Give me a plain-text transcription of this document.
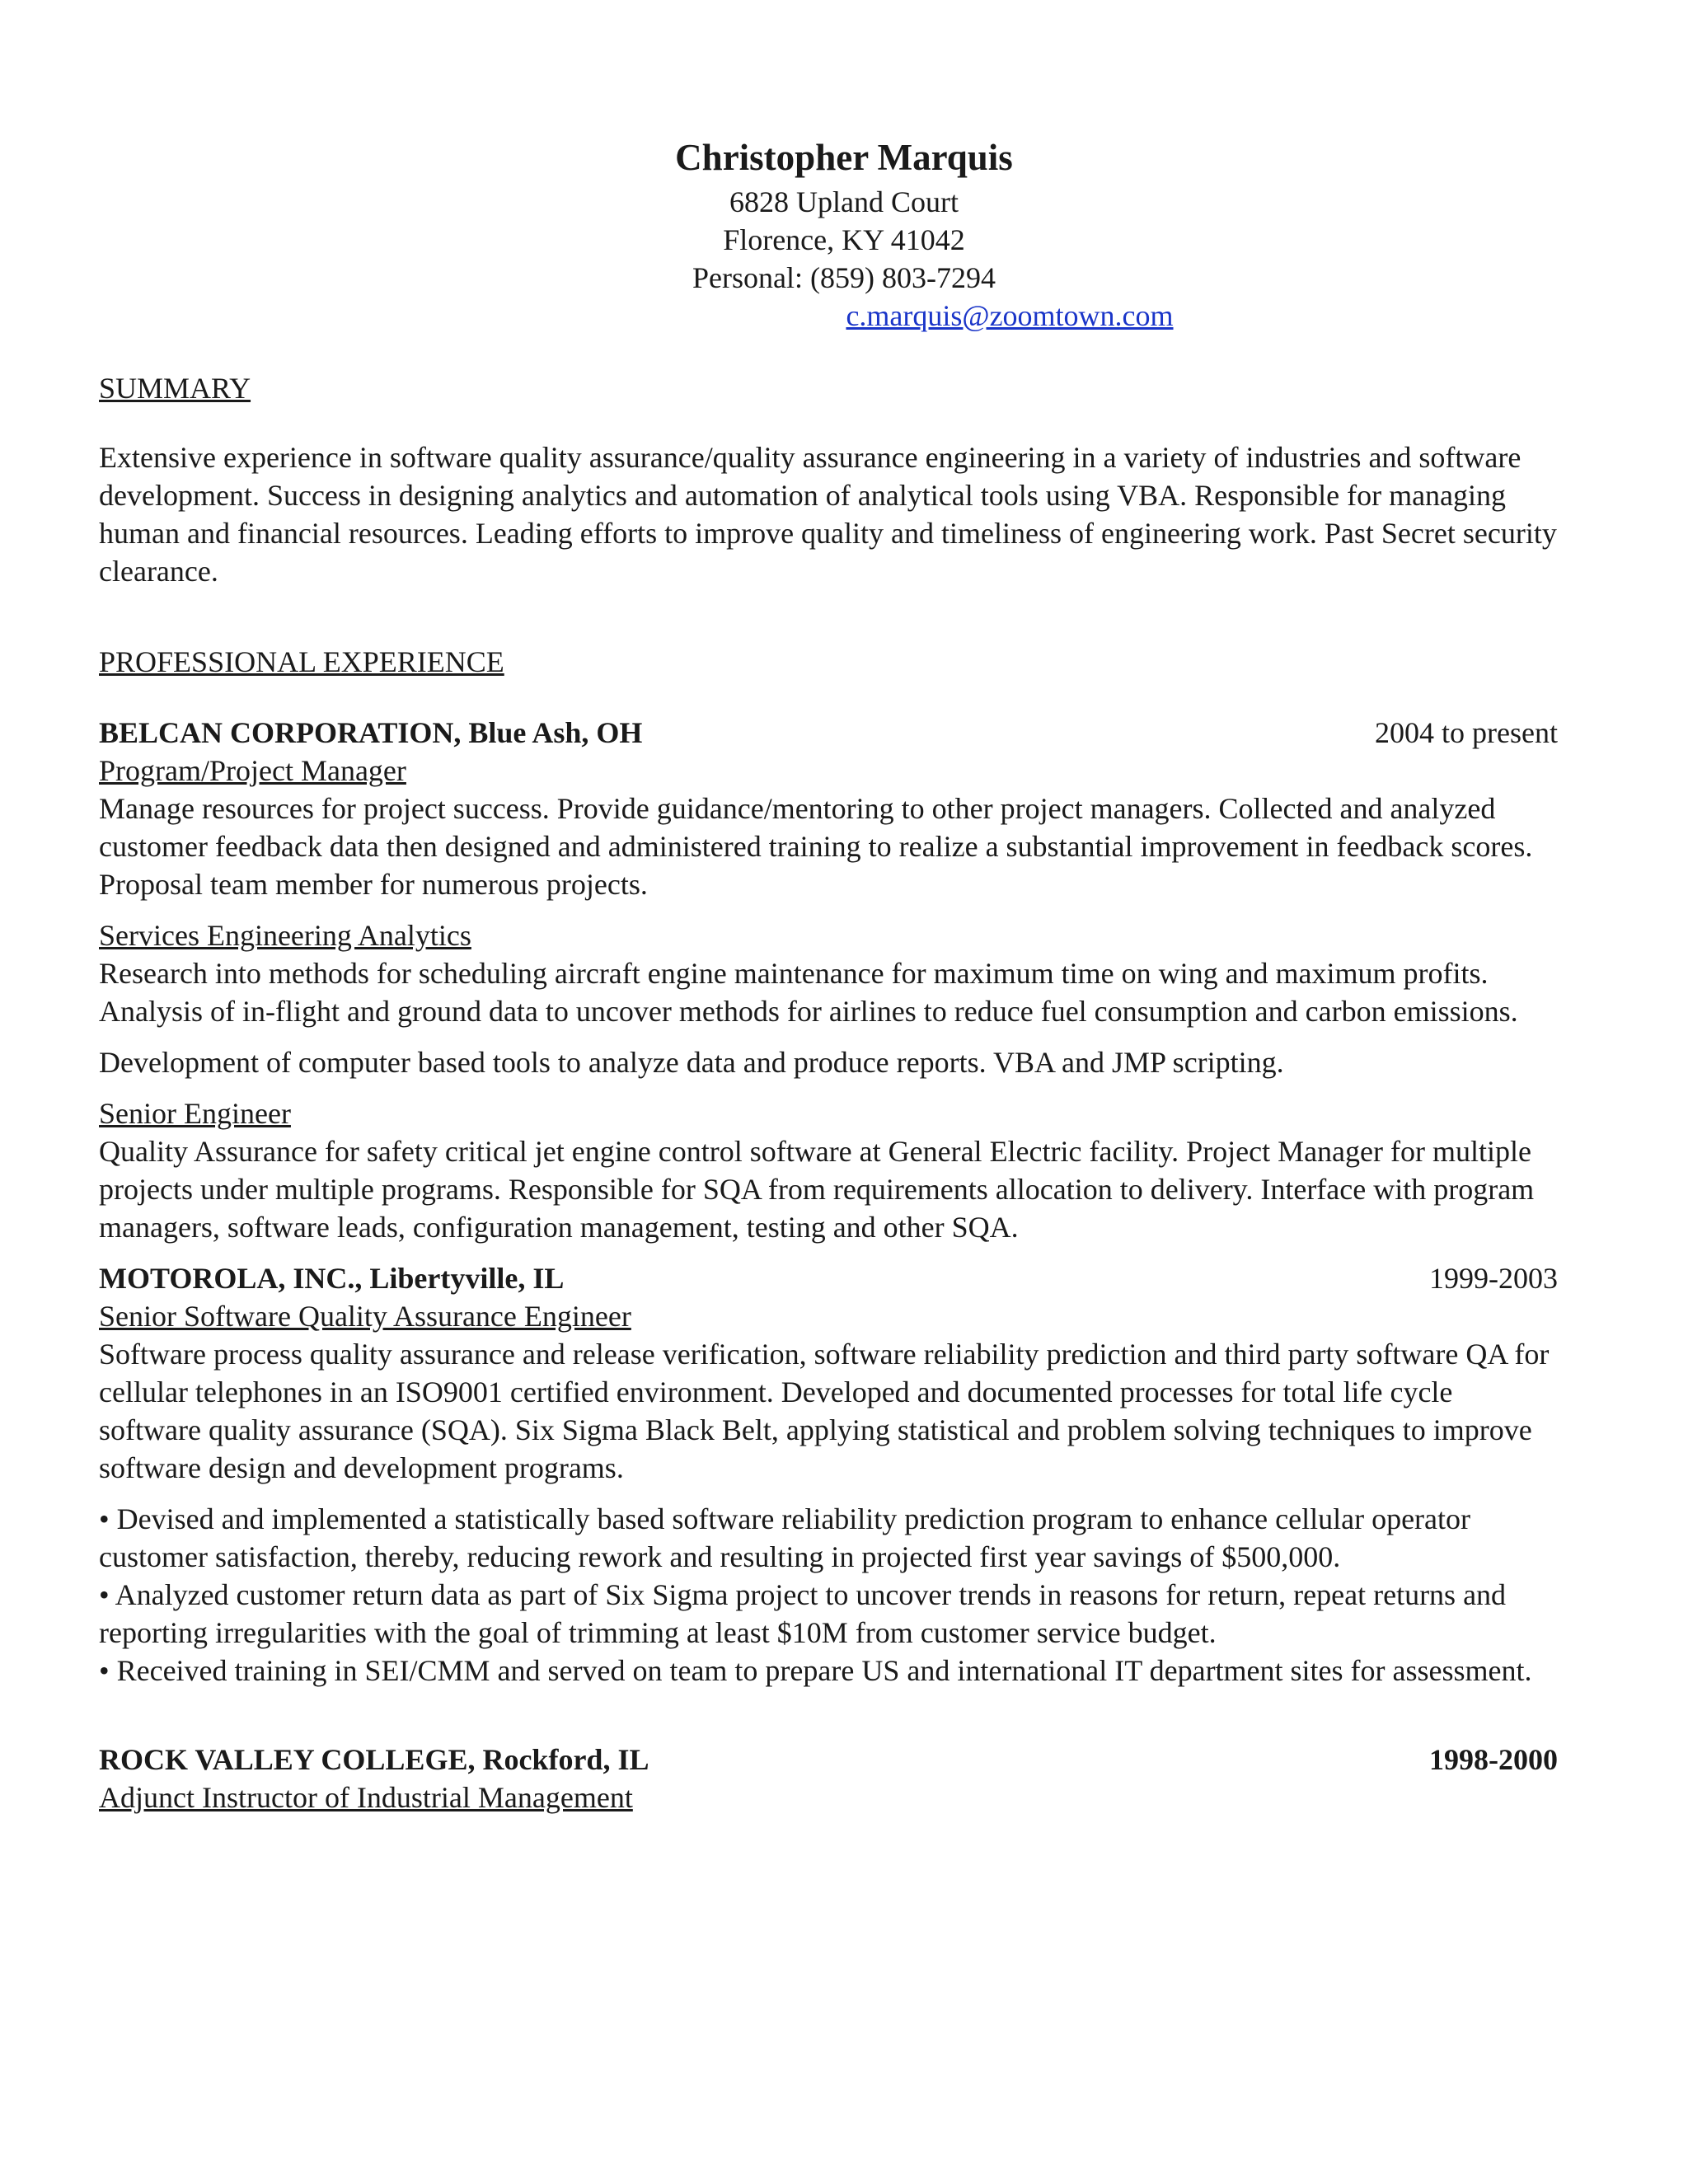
Christopher Marquis

6828 Upland Court

Florence, KY 41042

Personal: (859) 803-7294

c.marquis@zoomtown.com

SUMMARY

Extensive experience in software quality assurance/quality assurance engineering in a variety of industries and software development. Success in designing analytics and automation of analytical tools using VBA. Responsible for managing human and financial resources. Leading efforts to improve quality and timeliness of engineering work. Past Secret security clearance.

PROFESSIONAL EXPERIENCE

BELCAN CORPORATION, Blue Ash, OH	2004 to present

Program/Project Manager

Manage resources for project success. Provide guidance/mentoring to other project managers. Collected and analyzed customer feedback data then designed and administered training to realize a substantial improvement in feedback scores. Proposal team member for numerous projects.

Services Engineering Analytics

Research into methods for scheduling aircraft engine maintenance for maximum time on wing and maximum profits. Analysis of in-flight and ground data to uncover methods for airlines to reduce fuel consumption and carbon emissions.

Development of computer based tools to analyze data and produce reports. VBA and JMP scripting.

Senior Engineer

Quality Assurance for safety critical jet engine control software at General Electric facility. Project Manager for multiple projects under multiple programs. Responsible for SQA from requirements allocation to delivery. Interface with program managers, software leads, configuration management, testing and other SQA.

MOTOROLA, INC., Libertyville, IL	1999-2003

Senior Software Quality Assurance Engineer

Software process quality assurance and release verification, software reliability prediction and third party software QA for cellular telephones in an ISO9001 certified environment. Developed and documented processes for total life cycle software quality assurance (SQA). Six Sigma Black Belt, applying statistical and problem solving techniques to improve software design and development programs.

• Devised and implemented a statistically based software reliability prediction program to enhance cellular operator customer satisfaction, thereby, reducing rework and resulting in projected first year savings of $500,000.
• Analyzed customer return data as part of Six Sigma project to uncover trends in reasons for return, repeat returns and reporting irregularities with the goal of trimming at least $10M from customer service budget.
• Received training in SEI/CMM and served on team to prepare US and international IT department sites for assessment.
ROCK VALLEY COLLEGE, Rockford, IL	1998-2000

Adjunct Instructor of Industrial Management
